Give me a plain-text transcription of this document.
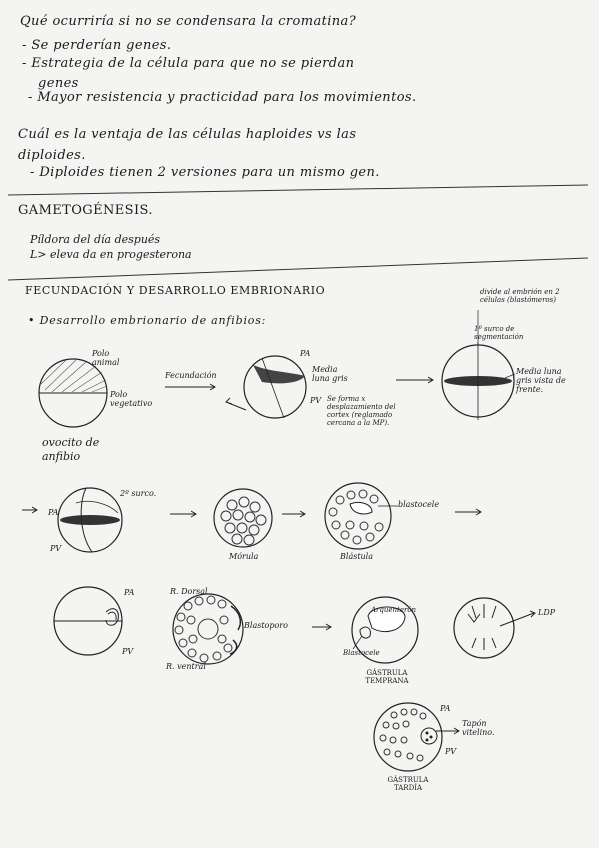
Qué ocurriría si no se condensara la cromatina?
- Se perderían genes.
- Estrategia de la célula para que no se pierdan
genes
- Mayor resistencia y practicidad para los movimientos.
Cuál es la ventaja de las células haploides vs las
diploides.
- Diploides tienen 2 versiones para un mismo gen.
GAMETOGÉNESIS.
Píldora del día después
L> eleva da en progesterona
FECUNDACIÓN Y DESARROLLO EMBRIONARIO
• Desarrollo embrionario de anfibios:
Polo animal
Polo vegetativo
Fecundación
ovocito de anfibio
PA
Media luna gris
PV Se forma x desplazamiento del cortex (reglamado cercana a la MP).
divide al embrión en 2 células (blastómeros)
1º surco de segmentación
Media luna gris vista de frente.
2º surco.
PA
PV
Mórula	Blástula
blastocele
PA
PV
R. Dorsal
R. ventral
Blastoporo
Arquenterón
Blastocele
GÁSTRULA TEMPRANA
LDP
PA
PV
Tapón vitelino.
GÁSTRULA TARDÍA
